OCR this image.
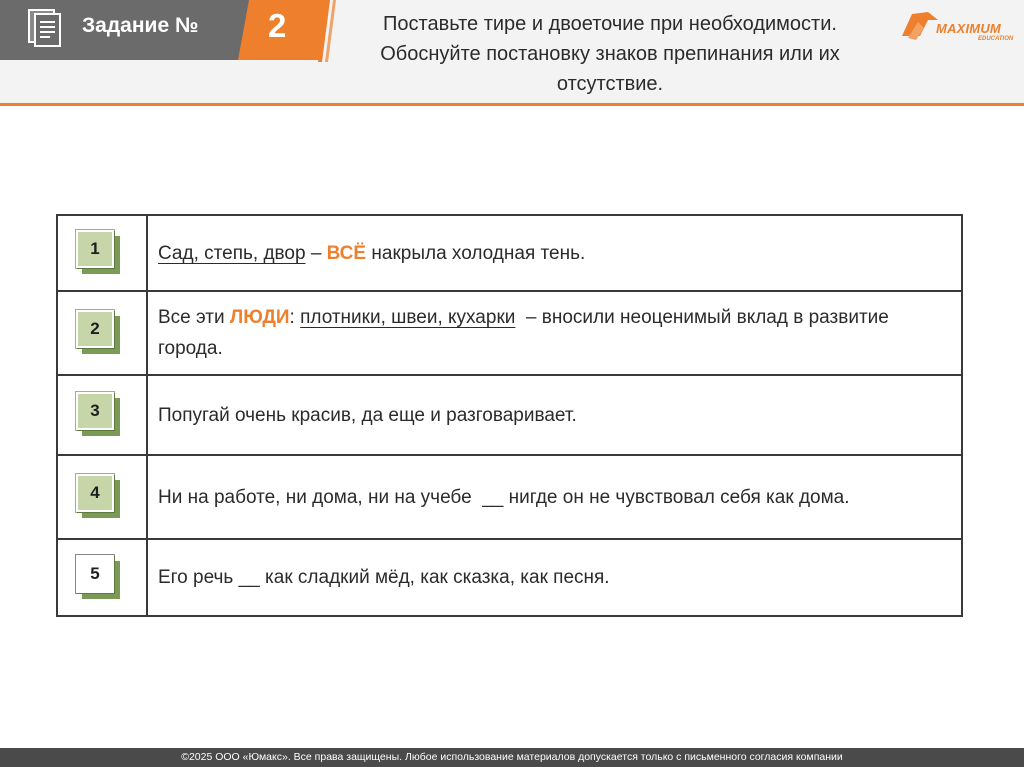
Задание № 2	Поставьте тире и двоеточие при необходимости.
Обоснуйте постановку знаков препинания или их
отсутствие.
MAXIMUM
EDUCATION
1	Сад, степь, двор – ВСЁ накрыла холодная тень.

2	Все эти ЛЮДИ: плотники, швеи, кухарки  – вносили неоценимый вклад в развитие города.

3	Попугай очень красив, да еще и разговаривает.

4	Ни на работе, ни дома, ни на учебе  __ нигде он не чувствовал себя как дома.

5	Его речь __ как сладкий мёд, как сказка, как песня.
©2025 ООО «Юмакс». Все права защищены. Любое использование материалов допускается только с письменного согласия компании
